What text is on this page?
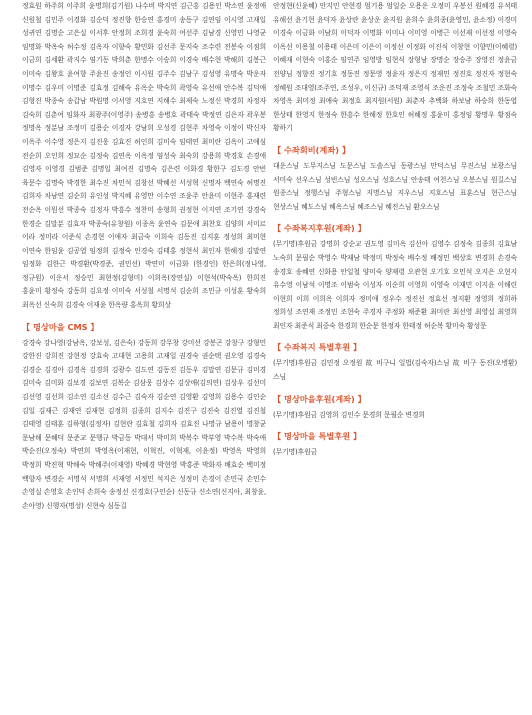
정효원 하주희 이주희 윤명희(김기원) 나수비 박지연 김근흥 김용인 박소연 윤정애 신원철 김민주 이경화 김순덕 정진향 한승연 홍경미 송동구 김연임 이시영 고재일 성귀연 김명순 고은실 이서후 안정희 조희경 윤숙희 여선주 김남경 신영민 나영균 임명화 박옥숙 허수정 김옥자 이향숙 황민화 김선주 문지숙 조수련 전봉숙 이점희 이금희 김세환 곽지수 염기동 박희춘 한명수 이승희 이경숙 배수현 박해희 김봉근 이미숙 김왕호 윤여향 주윤진 송정인 이시원 김주수 김남구 김성영 유명숙 박운자 이명수 김우미 이명준 김효정 김해숙 유옥순 박숙희 곽영숙 유선애 안수복 김덕애 김형진 박종숙 송갑남 박원명 이서영 지호연 지해수 최제숙 노정신 박경희 차정자 김숙희 김춘여 임화자 최광주(이영주) 송병흥 송병호 곽태숙 박정연 김은자 곽우봉 정명옥 정분남 조정미 김용순 이경자 강남희 오성경 김현주 차영숙 이정이 박신자 이옥주 이수영 정은지 김진웅 김효진 허인희 김미숙 임태연 최미란 김옥이 고애심 전순희 오인희 정묘순 김정숙 김연옥 이옥정 염성숙 최숙희 강용희 박경호 손경애 김영자 이영경 김범준 김명일 최여진 김명숙 김은련 이화경 황한구 김도경 안빈 육문수 김명숙 박경한 최수진 차민석 김창선 박혜선 서성혁 신명자 백연숙 허명진 김희자 차남연 김순희 유인성 박지혜 유영만 이수연 조윤주 안윤미 이현주 홍재련 전순옥 이원선 박종숙 김정자 박흥수 정찬미 송형희 권정현 이지연 조기연 강경숙 한경순 김말분 김효자 박종숙(유창원) 이종옥 윤연숙 김문애 최찬호 김양희 서미르 이라 정미라 이준식 손경현 이애자 최금숙 이희숙 김동진 김지훈 정성희 최미현 이연숙 한임윤 김공엽 임정희 김정숙 인경숙 김태홍 정현식 최인자 한해정 김말연 임정화 김한근 박경환(박경준, 권민선) 박연미 이금화 (한경인) 한은희(정나영, 정규원) 이운서 정승민 최현정(김형미) 이희옥(장연실) 이현석(박숙옥) 한희진 홍윤미 황정숙 강동희 김요정 이미숙 서성철 서명석 김순희 조민규 이성훈 황숙희 최옥선 신숙희 김경숙 이재윤 한옥량 홍옥희 황희상

【 명상마을 CMS 】

강경숙 강나영(강남옥, 강보성, 김은숙) 강동희 강무창 강미선 강봉곤 강창구 강형민 강한진 강희진 강현정 강효숙 고대현 고용희 고재일 권경숙 권순택 권오영 김경숙 김경순 김경아 김경옥 김경희 김광수 김도연 김동진 김동우 김말연 김문규 김미경 김미숙 김미화 김보경 김보연 김복순 김삼웅 김상수 김상애(김의연) 김상우 김선미 김선영 김선희 김소연 김소선 김수근 김숙자 김순연 김영환 김영희 김용수 김인순 김일 김재근 김재연 김재현 김정희 김종희 김지수 김진구 김진숙 김진열 김진철 김태영 김태훈 김하형(김정자) 김현란 김효철 김희자 김효진 나명규 남용이 명창균 문남해 문혜덕 문준교 문행규 박금동 박대서 박미희 박복수 박부영 박수복 박숙애 박순진(오정숙) 박연희 박영옥(이재현, 이혁진, 이혁재, 이윤정) 박영옥 박영희 박정희 박진혁 박해숙 박해주(이재영) 박혜경 박현영 박홍준 박화자 배효순 백미정 백향자 변경순 서명석 서명희 서재영 서정민 석지은 성정미 손경이 손민국 손민수 손영실 손영호 손인덕 손희숙 송정선 신경호(구인순) 신동규 신소연(신지아, 최창윤, 손아영) 신행자(명성) 신현숙 심동길

안정현(신윤혜) 안지민 안현경 엄기용 엄일순 오용운 오정미 우봉선 원혜경 유석태 유해선 윤기현 윤덕자 윤상란 윤상운 윤지원 윤희수 윤희종(윤영민, 윤소정) 이경미 이경숙 이금화 이남희 이덕자 이명화 이미나 이미영 이병근 이선재 이선정 이영숙 이옥선 이용철 이용태 이은미 이은이 이정선 이정화 이진식 이창현 이향민(이혜령) 이혜재 이현숙 이홍순 임연주 임영방 임현식 장형남 장명순 장승주 장영진 정윤금 전양님 정향진 정기호 정동진 정문영 정윤자 정은지 정재민 정진호 정진자 정현숙 정혜원 조대영(조주연, 조성우, 이신규) 조덕재 조영식 조운진 조정숙 조철민 조화숙 차영옥 최미정 최애숙 최정호 최지원(서원) 최춘자 추백화 하보남 하승희 한동엽 한상태 한영지 한정숙 한흥수 한해정 한호인 허혜정 홍윤미 홍정임 황명우 황점숙 황하기

【 수좌회비(계좌) 】

대운스님 도무지스님 도문스님 도솔스님 동광스님 만덕스님 무진스님 보광스님 서미숙 선우스님 성빈스님 성오스님 성호스님 안송태 여천스님 오봉스님 원길스님 원종스님 정행스님 주형스님 지명스님 지우스님 지호스님 표훈스님 현근스님 현상스님 혜도스님 혜옥스님 혜조스님 혜진스님 환오스님

【 수좌복지후원(계좌) 】

(무기명)후원금 강명희 강순교 권도영 김미옥 김선아 김영수 김정숙 김종희 김효남 노숙희 문필순 박영수 박재남 박정미 박정숙 배수정 배정민 백상호 변경희 손경숙 송경호 송혜연 신화용 안일철 양미숙 양재령 오관현 오기호 오민석 오지은 오현지 유수영 이남석 이명조 이범숙 이성자 이순희 이영희 이영숙 이재민 이지윤 이해린 이현희 이희 이희옥 이희자 정미애 정우수 정진선 정효선 정지환 정영희 정희하 정희성 조연재 조정민 조현숙 주경자 주정화 채준환 최미란 최선영 최영섭 최영희 최인자 최준식 최중숙 한경희 한순문 한정자 한태정 허순복 황미숙 황성문

【 수좌복지 특별후원 】

(무기명)후원금 김민정 오정원 故 비구니 일법(김숙자)스님 故 비구 동진(오병환)스님

【 명상마을후원(계좌) 】

(무기명)후원금 김영희 김인수 문경희 문필순 변경희

【 명상마을 특별후원 】

(무기명)후원금
